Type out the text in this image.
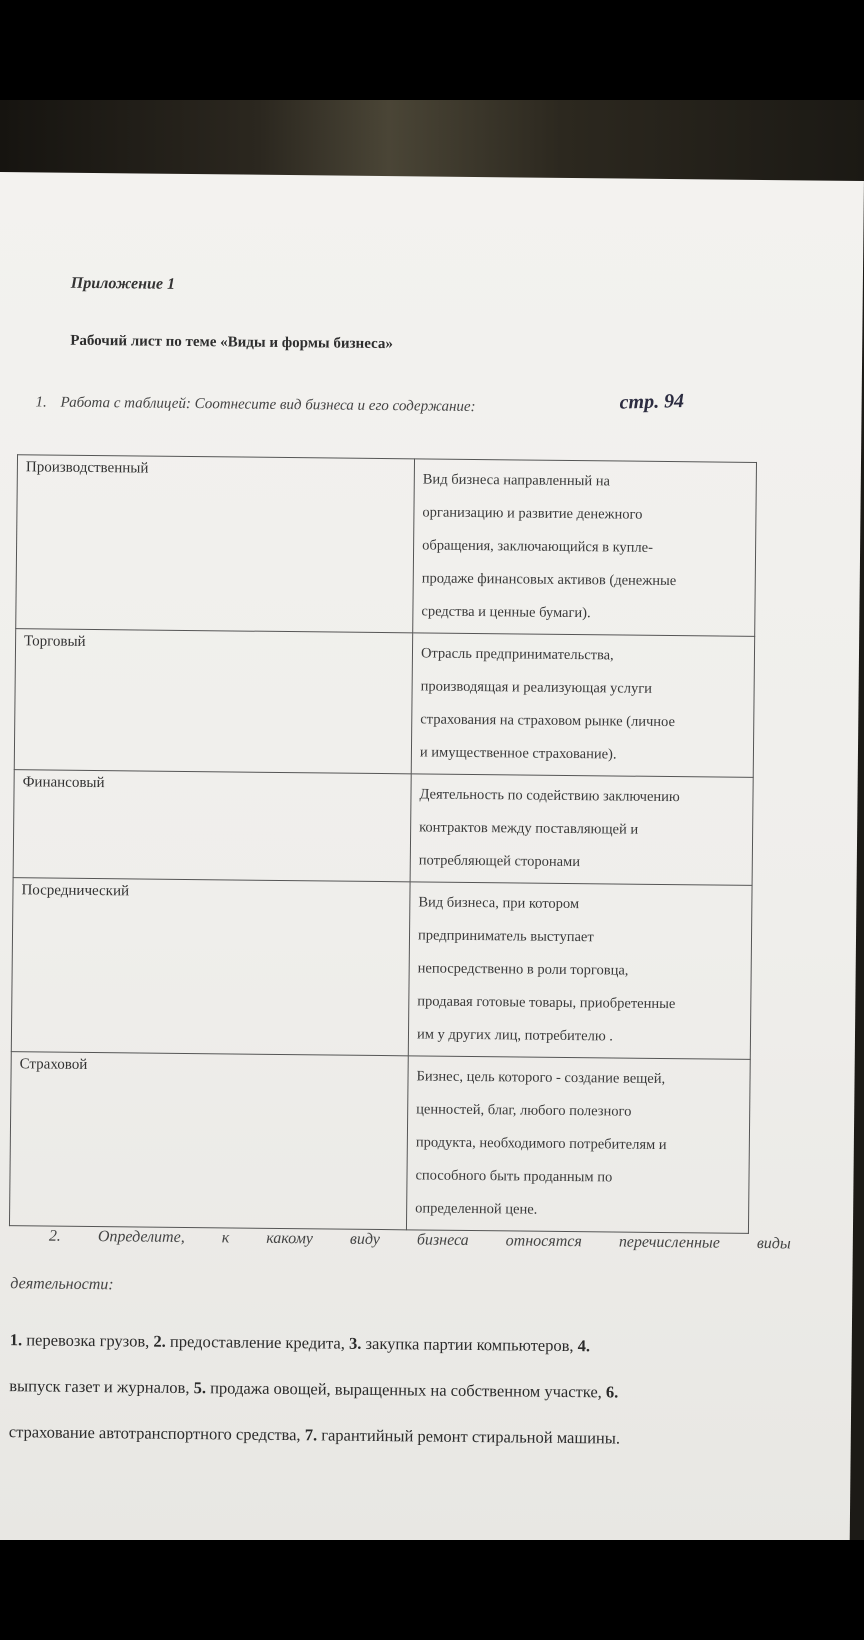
Приложение 1
Рабочий лист по теме «Виды и формы бизнеса»
1. Работа с таблицей: Соотнесите вид бизнеса и его содержание:	стр. 94
Производственный	Вид бизнеса направленный на
организацию и развитие денежного
обращения, заключающийся в купле-
продаже финансовых активов (денежные
средства и ценные бумаги).

Торговый	Отрасль предпринимательства,
производящая и реализующая услуги
страхования на страховом рынке (личное
и имущественное страхование).

Финансовый	Деятельность по содействию заключению
контрактов между поставляющей и
потребляющей сторонами

Посреднический	Вид бизнеса, при котором
предприниматель выступает
непосредственно в роли торговца,
продавая готовые товары, приобретенные
им у других лиц, потребителю .

Страховой	Бизнес, цель которого - создание вещей,
ценностей, благ, любого полезного
продукта, необходимого потребителям и
способного быть проданным по
определенной цене.
2. Определите, к какому виду бизнеса относятся перечисленные виды
деятельности:
1. перевозка грузов, 2. предоставление кредита, 3. закупка партии компьютеров, 4.
выпуск газет и журналов, 5. продажа овощей, выращенных на собственном участке, 6.
страхование автотранспортного средства, 7. гарантийный ремонт стиральной машины.
